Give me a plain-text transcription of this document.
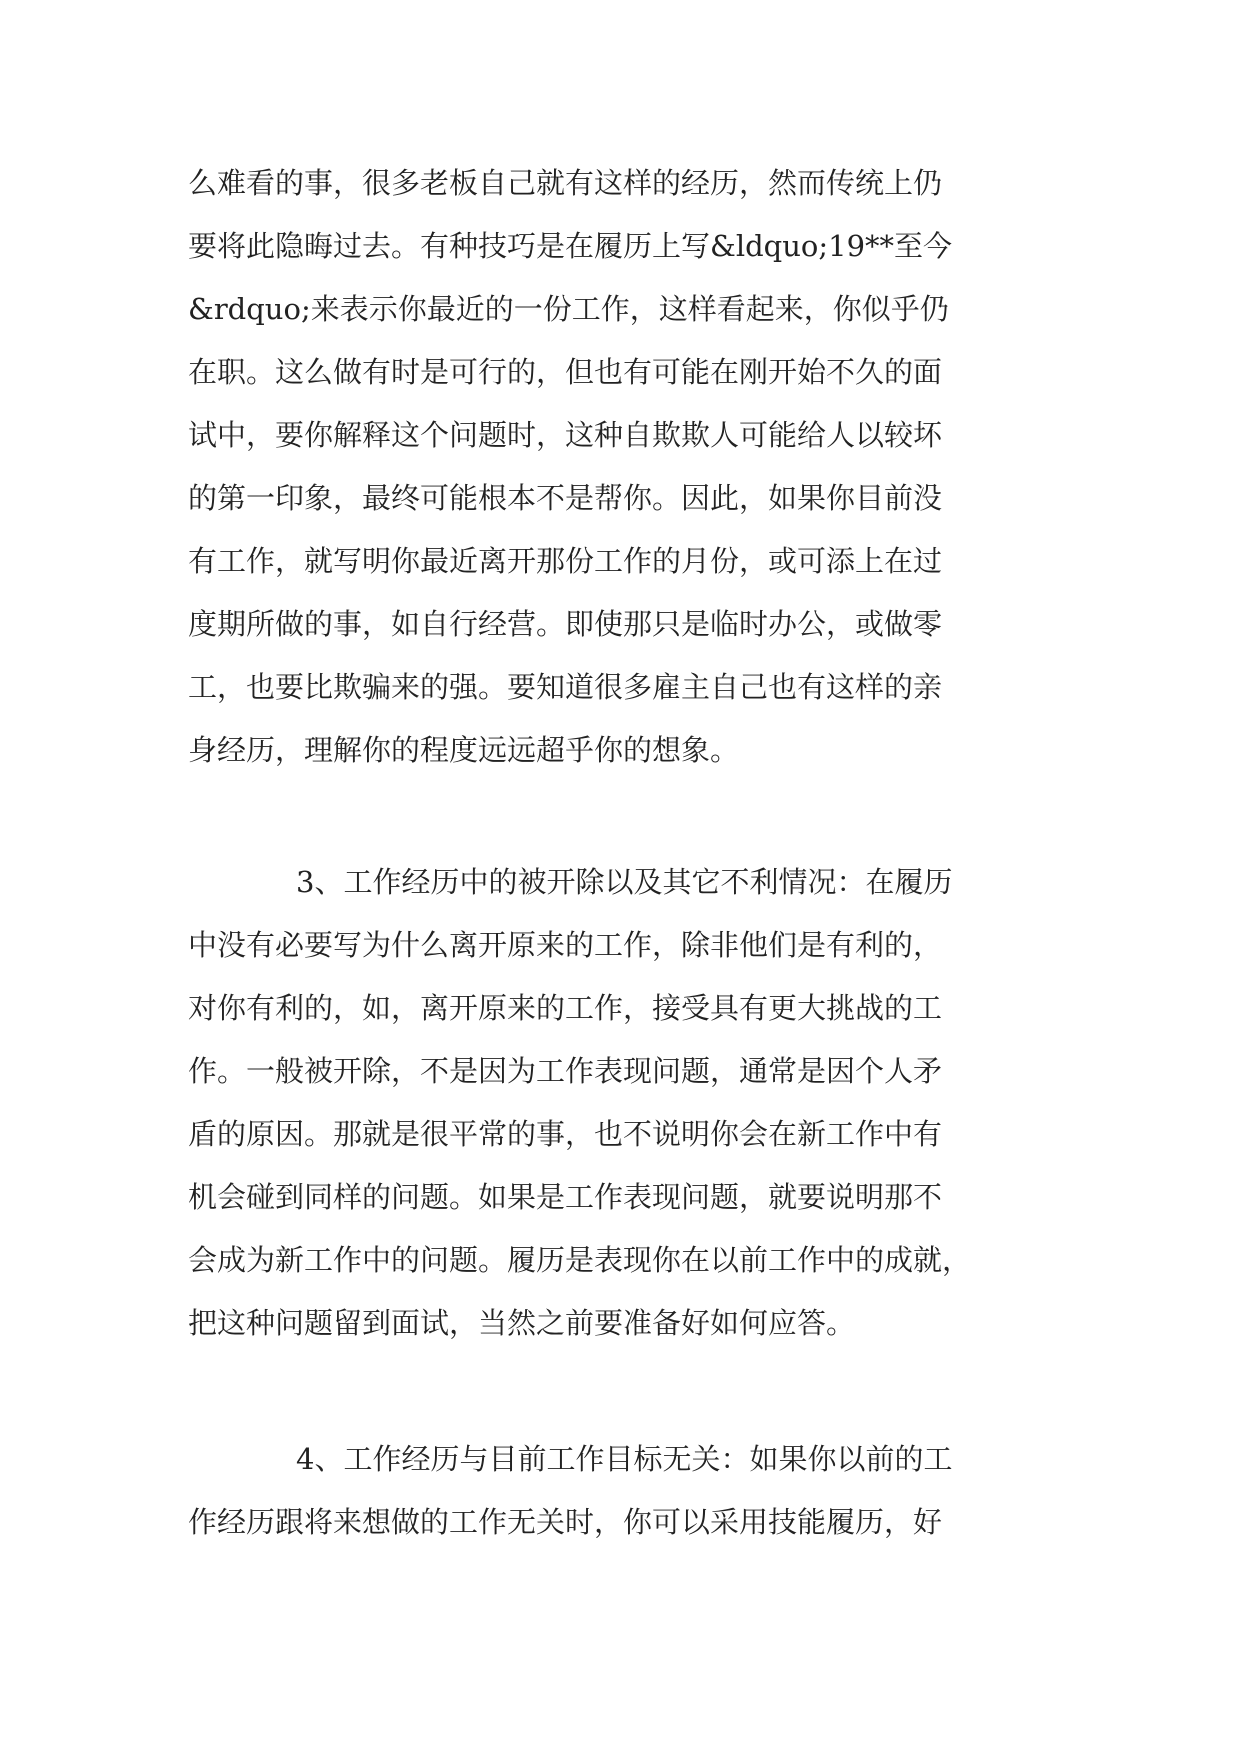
么难看的事，很多老板自己就有这样的经历，然而传统上仍
要将此隐晦过去。有种技巧是在履历上写&ldquo;19**至今
&rdquo;来表示你最近的一份工作，这样看起来，你似乎仍
在职。这么做有时是可行的，但也有可能在刚开始不久的面
试中，要你解释这个问题时，这种自欺欺人可能给人以较坏
的第一印象，最终可能根本不是帮你。因此，如果你目前没
有工作，就写明你最近离开那份工作的月份，或可添上在过
度期所做的事，如自行经营。即使那只是临时办公，或做零
工，也要比欺骗来的强。要知道很多雇主自己也有这样的亲
身经历，理解你的程度远远超乎你的想象。
3、工作经历中的被开除以及其它不利情况：在履历
中没有必要写为什么离开原来的工作，除非他们是有利的，
对你有利的，如，离开原来的工作，接受具有更大挑战的工
作。一般被开除，不是因为工作表现问题，通常是因个人矛
盾的原因。那就是很平常的事，也不说明你会在新工作中有
机会碰到同样的问题。如果是工作表现问题，就要说明那不
会成为新工作中的问题。履历是表现你在以前工作中的成就，
把这种问题留到面试，当然之前要准备好如何应答。
4、工作经历与目前工作目标无关：如果你以前的工
作经历跟将来想做的工作无关时，你可以采用技能履历，好
